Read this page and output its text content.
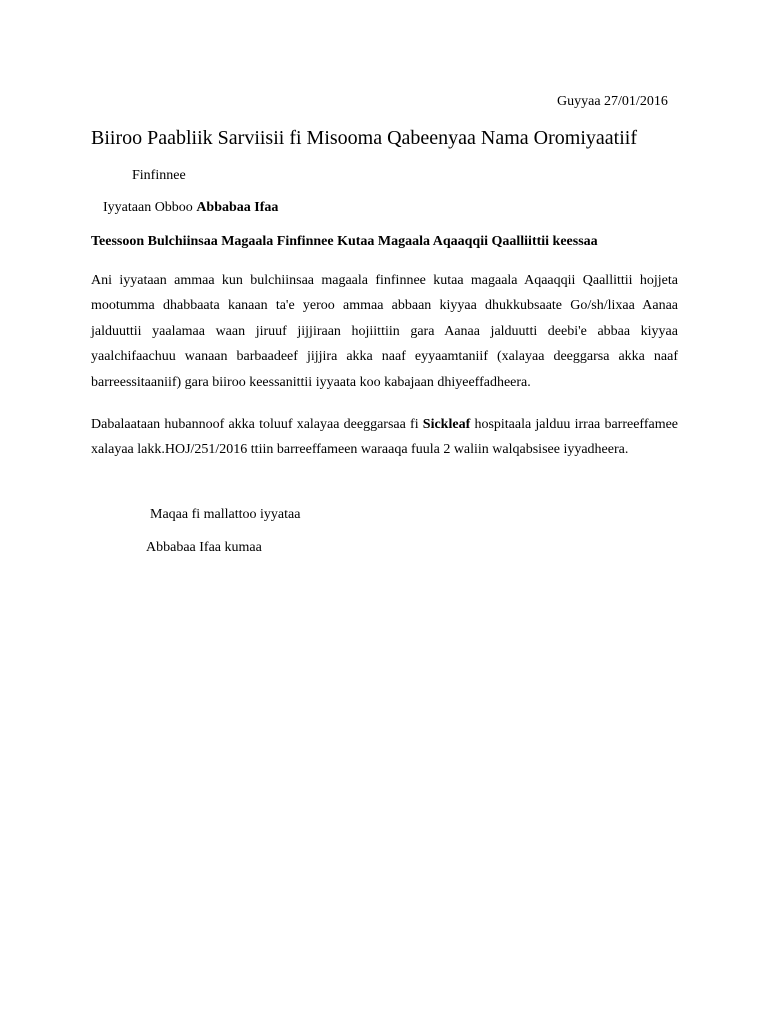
Guyyaa 27/01/2016
Biiroo Paabliik Sarviisii fi Misooma Qabeenyaa Nama Oromiyaatiif
Finfinnee
Iyyataan Obboo Abbabaa Ifaa
Teessoon Bulchiinsaa Magaala Finfinnee Kutaa Magaala Aqaaqqii Qaalliittii keessaa

Ani iyyataan ammaa kun bulchiinsaa magaala finfinnee kutaa magaala Aqaaqqii Qaallittii hojjeta mootumma dhabbaata kanaan ta'e yeroo ammaa abbaan kiyyaa dhukkubsaate Go/sh/lixaa Aanaa jalduuttii yaalamaa waan jiruuf jijjiraan hojiittiin gara Aanaa jalduutti deebi'e abbaa kiyyaa yaalchifaachuu wanaan barbaadeef jijjira akka naaf eyyaamtaniif (xalayaa deeggarsa akka naaf barreessitaaniif) gara biiroo keessanittii iyyaata koo kabajaan dhiyeeffadheera.

Dabalaataan hubannoof akka toluuf xalayaa deeggarsaa fi Sickleaf hospitaala jalduu irraa barreeffamee xalayaa lakk.HOJ/251/2016 ttiin barreeffameen waraaqa fuula 2 waliin walqabsisee iyyadheera.

Maqaa fi mallattoo iyyataa
Abbabaa Ifaa kumaa
